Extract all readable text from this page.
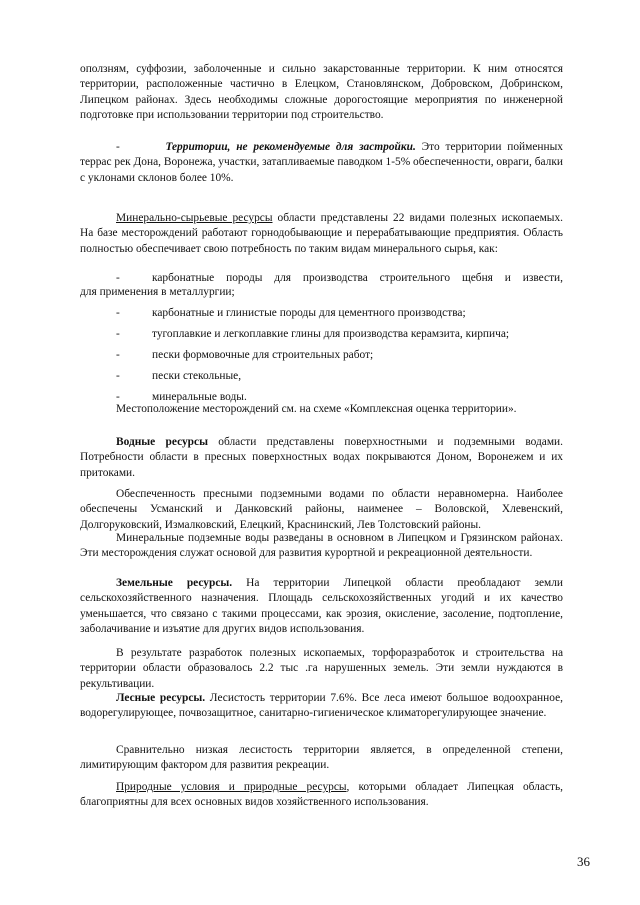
оползням, суффозии, заболоченные и сильно закарстованные территории. К ним относятся территории, расположенные частично в Елецком, Становлянском, Добровском, Добринском, Липецком районах. Здесь необходимы сложные дорогостоящие мероприятия по инженерной подготовке при использовании территории под строительство.

-	Территории, не рекомендуемые для застройки. Это территории пойменных террас рек Дона, Воронежа, участки, затапливаемые паводком 1-5% обеспеченности, овраги, балки с уклонами склонов более 10%.

Минерально-сырьевые ресурсы области представлены 22 видами полезных ископаемых. На базе месторождений работают горнодобывающие и перерабатывающие предприятия. Область полностью обеспечивает свою потребность по таким видам минерального сырья, как:

-	карбонатные породы для производства строительного щебня и извести,
для применения в металлургии;
-	карбонатные и глинистые породы для цементного производства;
-	тугоплавкие и легкоплавкие глины для производства керамзита, кирпича;
-	пески формовочные для строительных работ;
-	пески стекольные,
-	минеральные воды.

Местоположение месторождений см. на схеме «Комплексная оценка территории».

Водные ресурсы области представлены поверхностными и подземными водами. Потребности области в пресных поверхностных водах покрываются Доном, Воронежем и их притоками.

Обеспеченность пресными подземными водами по области неравномерна. Наиболее обеспечены Усманский и Данковский районы, наименее – Воловской, Хлевенский, Долгоруковский, Измалковский, Елецкий, Краснинский, Лев Толстовский районы.

Минеральные подземные воды разведаны в основном в Липецком и Грязинском районах. Эти месторождения служат основой для развития курортной и рекреационной деятельности.

Земельные ресурсы. На территории Липецкой области преобладают земли сельскохозяйственного назначения. Площадь сельскохозяйственных угодий и их качество уменьшается, что связано с такими процессами, как эрозия, окисление, засоление, подтопление, заболачивание и изъятие для других видов использования.

В результате разработок полезных ископаемых, торфоразработок и строительства на территории области образовалось 2.2 тыс .га нарушенных земель. Эти земли нуждаются в рекультивации.

Лесные ресурсы. Лесистость территории 7.6%. Все леса имеют большое водоохранное, водорегулирующее, почвозащитное, санитарно-гигиеническое климаторегулирующее значение.

Сравнительно низкая лесистость территории является, в определенной степени, лимитирующим фактором для развития рекреации.

Природные условия и природные ресурсы, которыми обладает Липецкая область, благоприятны для всех основных видов хозяйственного использования.

36
